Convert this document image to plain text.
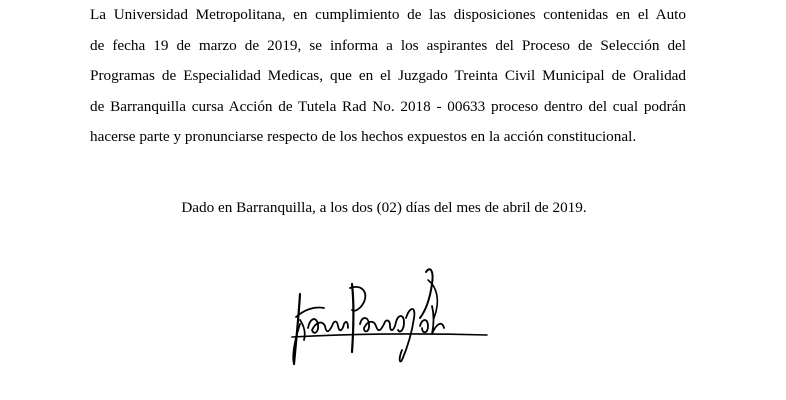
La Universidad Metropolitana, en cumplimiento de las disposiciones contenidas en el Auto
de fecha 19 de marzo de 2019, se informa a los aspirantes del Proceso de Selección del
Programas de Especialidad Medicas, que en el Juzgado Treinta Civil Municipal de Oralidad
de Barranquilla cursa Acción de Tutela Rad No. 2018 - 00633 proceso dentro del cual podrán
hacerse parte y pronunciarse respecto de los hechos expuestos en la acción constitucional.

Dado en Barranquilla, a los dos (02) días del mes de abril de 2019.
